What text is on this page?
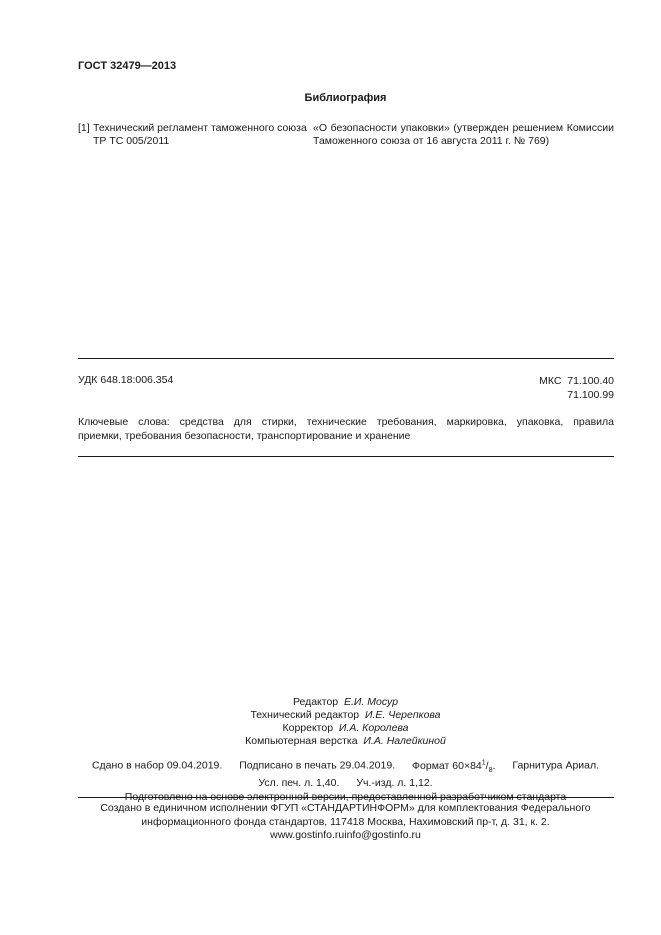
ГОСТ 32479—2013
Библиография
[1] Технический регламент таможенного союза
ТР ТС 005/2011
«О безопасности упаковки» (утвержден решением Комиссии
Таможенного союза от 16 августа 2011 г. № 769)
УДК 648.18:006.354	МКС 71.100.40
71.100.99
Ключевые слова: средства для стирки, технические требования, маркировка, упаковка, правила
приемки, требования безопасности, транспортирование и хранение
Редактор Е.И. Мосур
Технический редактор И.Е. Черепкова
Корректор И.А. Королева
Компьютерная верстка И.А. Налейкиной
Сдано в набор 09.04.2019. Подписано в печать 29.04.2019. Формат $60\times 84^1/_8$. Гарнитура Ариал.
Усл. печ. л. 1,40. Уч.-изд. л. 1,12.
Подготовлено на основе электронной версии, предоставленной разработчиком стандарта
Создано в единичном исполнении ФГУП «СТАНДАРТИНФОРМ» для комплектования Федерального
информационного фонда стандартов, 117418 Москва, Нахимовский пр-т, д. 31, к. 2.
www.gostinfo.ruinfo@gostinfo.ru
